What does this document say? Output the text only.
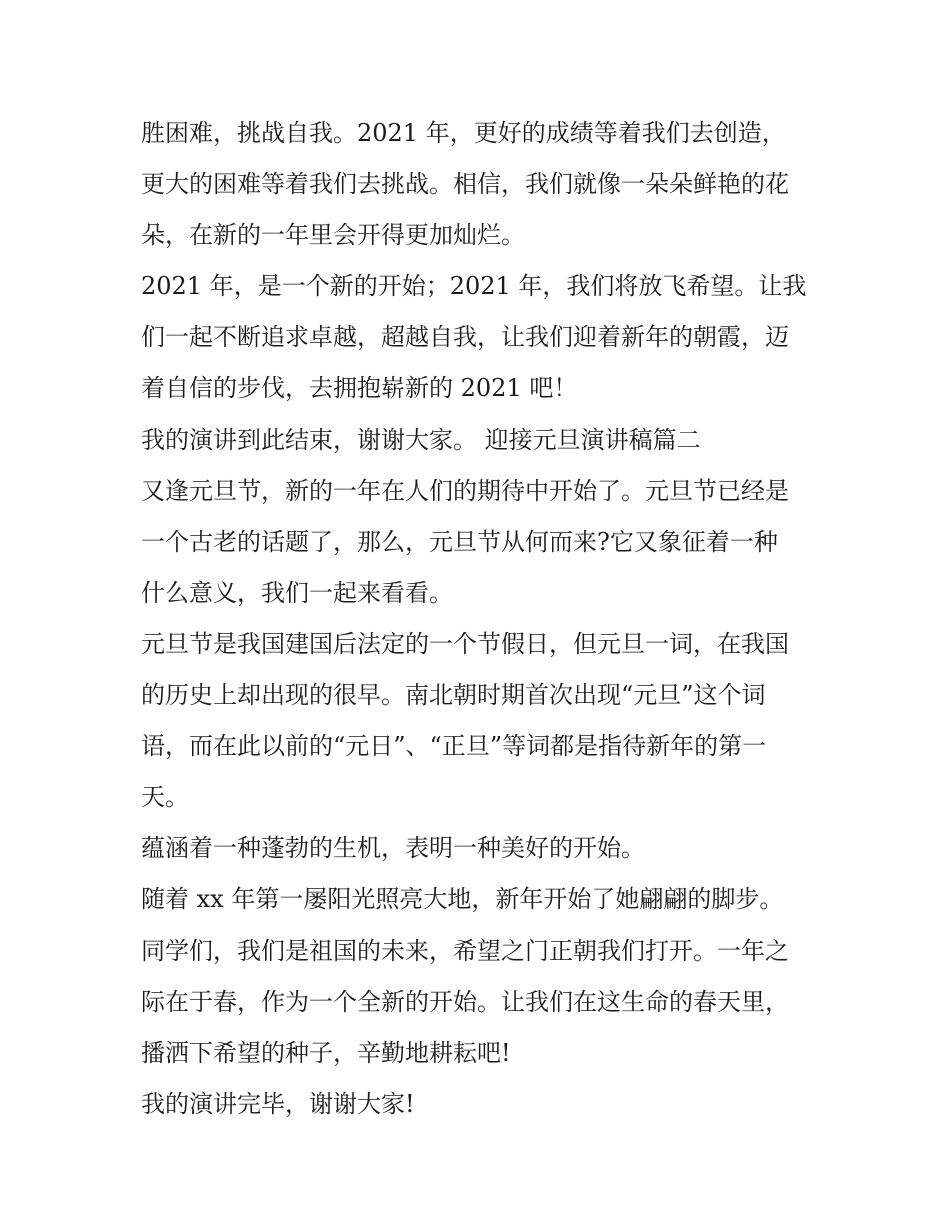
胜困难，挑战自我。2021 年，更好的成绩等着我们去创造，
更大的困难等着我们去挑战。相信，我们就像一朵朵鲜艳的花
朵，在新的一年里会开得更加灿烂。
2021 年，是一个新的开始；2021 年，我们将放飞希望。让我
们一起不断追求卓越，超越自我，让我们迎着新年的朝霞，迈
着自信的步伐，去拥抱崭新的 2021 吧！
我的演讲到此结束，谢谢大家。 迎接元旦演讲稿篇二
又逢元旦节，新的一年在人们的期待中开始了。元旦节已经是
一个古老的话题了，那么，元旦节从何而来?它又象征着一种
什么意义，我们一起来看看。
元旦节是我国建国后法定的一个节假日，但元旦一词，在我国
的历史上却出现的很早。南北朝时期首次出现“元旦”这个词
语，而在此以前的“元日”、“正旦”等词都是指待新年的第一
天。
蕴涵着一种蓬勃的生机，表明一种美好的开始。
随着 xx 年第一屡阳光照亮大地，新年开始了她翩翩的脚步。
同学们，我们是祖国的未来，希望之门正朝我们打开。一年之
际在于春，作为一个全新的开始。让我们在这生命的春天里，
播洒下希望的种子，辛勤地耕耘吧!
我的演讲完毕，谢谢大家!
